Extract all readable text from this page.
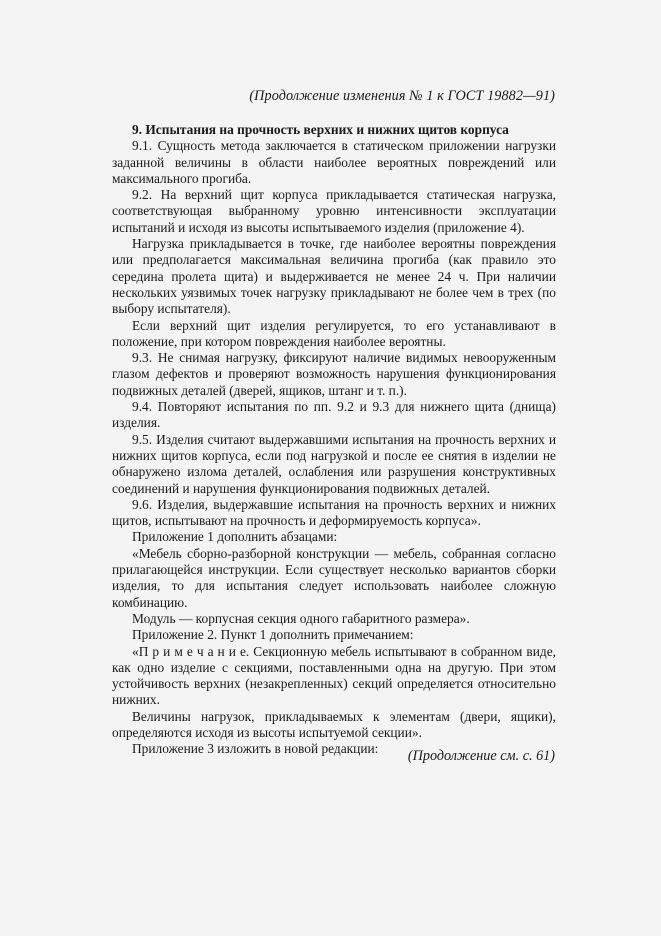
(Продолжение изменения № 1 к ГОСТ 19882—91)
9. Испытания на прочность верхних и нижних щитов корпуса

9.1. Сущность метода заключается в статическом приложении нагрузки заданной величины в области наиболее вероятных повреждений или максимального прогиба.

9.2. На верхний щит корпуса прикладывается статическая нагрузка, соответствующая выбранному уровню интенсивности эксплуатации испытаний и исходя из высоты испытываемого изделия (приложение 4).

Нагрузка прикладывается в точке, где наиболее вероятны повреждения или предполагается максимальная величина прогиба (как правило это середина пролета щита) и выдерживается не менее 24 ч. При наличии нескольких уязвимых точек нагрузку прикладывают не более чем в трех (по выбору испытателя).

Если верхний щит изделия регулируется, то его устанавливают в положение, при котором повреждения наиболее вероятны.

9.3. Не снимая нагрузку, фиксируют наличие видимых невооруженным глазом дефектов и проверяют возможность нарушения функционирования подвижных деталей (дверей, ящиков, штанг и т. п.).

9.4. Повторяют испытания по пп. 9.2 и 9.3 для нижнего щита (днища) изделия.

9.5. Изделия считают выдержавшими испытания на прочность верхних и нижних щитов корпуса, если под нагрузкой и после ее снятия в изделии не обнаружено излома деталей, ослабления или разрушения конструктивных соединений и нарушения функционирования подвижных деталей.

9.6. Изделия, выдержавшие испытания на прочность верхних и нижних щитов, испытывают на прочность и деформируемость корпуса».

Приложение 1 дополнить абзацами:

«Мебель сборно-разборной конструкции — мебель, собранная согласно прилагающейся инструкции. Если существует несколько вариантов сборки изделия, то для испытания следует использовать наиболее сложную комбинацию.

Модуль — корпусная секция одного габаритного размера».

Приложение 2. Пункт 1 дополнить примечанием:

«П р и м е ч а н и е. Секционную мебель испытывают в собранном виде, как одно изделие с секциями, поставленными одна на другую. При этом устойчивость верхних (незакрепленных) секций определяется относительно нижних.

Величины нагрузок, прикладываемых к элементам (двери, ящики), определяются исходя из высоты испытуемой секции».

Приложение 3 изложить в новой редакции:	(Продолжение см. с. 61)
